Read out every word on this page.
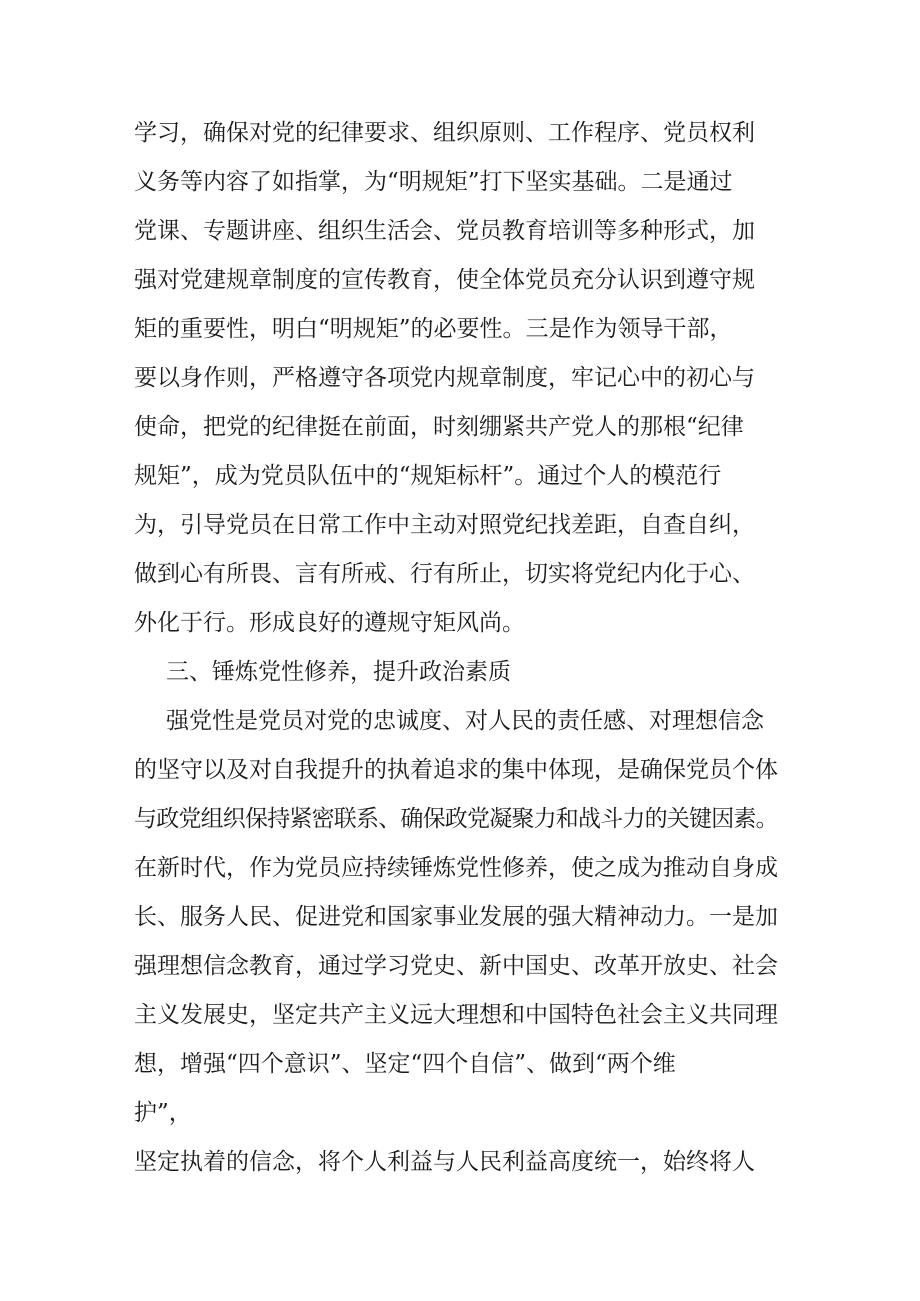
学习，确保对党的纪律要求、组织原则、工作程序、党员权利

义务等内容了如指掌，为“明规矩”打下坚实基础。二是通过

党课、专题讲座、组织生活会、党员教育培训等多种形式，加

强对党建规章制度的宣传教育，使全体党员充分认识到遵守规

矩的重要性，明白“明规矩”的必要性。三是作为领导干部，

要以身作则，严格遵守各项党内规章制度，牢记心中的初心与

使命，把党的纪律挺在前面，时刻绷紧共产党人的那根“纪律

规矩”，成为党员队伍中的“规矩标杆”。通过个人的模范行

为，引导党员在日常工作中主动对照党纪找差距，自查自纠，

做到心有所畏、言有所戒、行有所止，切实将党纪内化于心、

外化于行。形成良好的遵规守矩风尚。

三、锤炼党性修养，提升政治素质

强党性是党员对党的忠诚度、对人民的责任感、对理想信念

的坚守以及对自我提升的执着追求的集中体现，是确保党员个体

与政党组织保持紧密联系、确保政党凝聚力和战斗力的关键因素。

在新时代，作为党员应持续锤炼党性修养，使之成为推动自身成

长、服务人民、促进党和国家事业发展的强大精神动力。一是加

强理想信念教育，通过学习党史、新中国史、改革开放史、社会

主义发展史，坚定共产主义远大理想和中国特色社会主义共同理

想，增强“四个意识”、坚定“四个自信”、做到“两个维

护”，

坚定执着的信念，将个人利益与人民利益高度统一，始终将人
